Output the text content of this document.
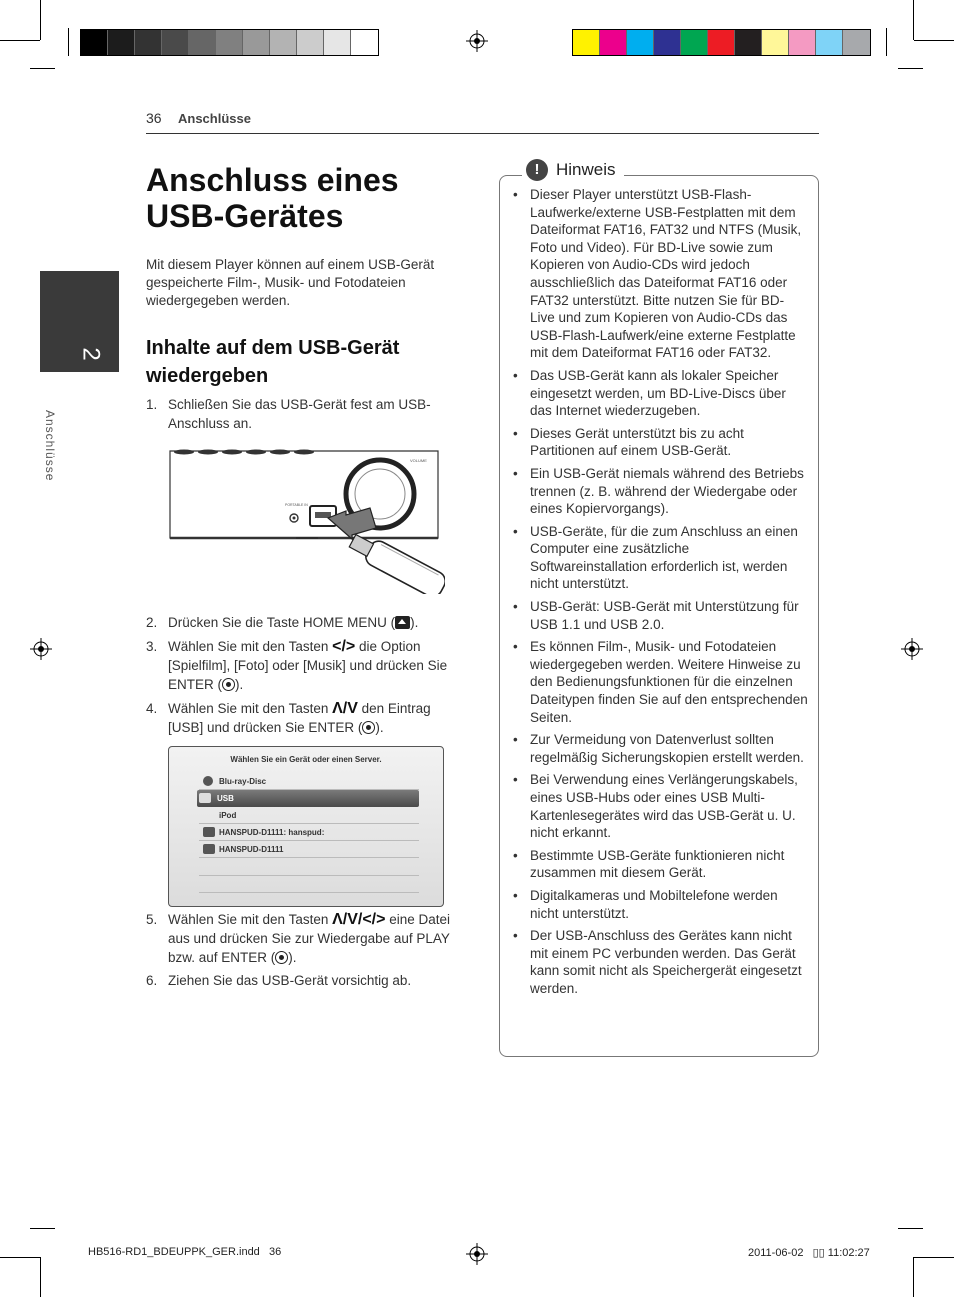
36 Anschlüsse
2
Anschlüsse
Anschluss eines USB-Gerätes

Mit diesem Player können auf einem USB-Gerät gespeicherte Film-, Musik- und Fotodateien wiedergegeben werden.

Inhalte auf dem USB-Gerät wiedergeben
1. Schließen Sie das USB-Gerät fest am USB-Anschluss an.
VOLUME
PORTABLE IN
2. Drücken Sie die Taste HOME MENU ( ).
3. Wählen Sie mit den Tasten </> die Option [Spielfilm], [Foto] oder [Musik] und drücken Sie ENTER ( ).
4. Wählen Sie mit den Tasten Λ/V den Eintrag [USB] und drücken Sie ENTER ( ).
Wählen Sie ein Gerät oder einen Server.
Blu-ray-Disc
USB
iPod
HANSPUD-D1111: hanspud:
HANSPUD-D1111
5. Wählen Sie mit den Tasten Λ/V/</> eine Datei aus und drücken Sie zur Wiedergabe auf PLAY bzw. auf ENTER ( ).
6. Ziehen Sie das USB-Gerät vorsichtig ab.
! Hinweis
• Dieser Player unterstützt USB-Flash-Laufwerke/externe USB-Festplatten mit dem Dateiformat FAT16, FAT32 und NTFS (Musik, Foto und Video). Für BD-Live sowie zum Kopieren von Audio-CDs wird jedoch ausschließlich das Dateiformat FAT16 oder FAT32 unterstützt. Bitte nutzen Sie für BD-Live und zum Kopieren von Audio-CDs das USB-Flash-Laufwerk/eine externe Festplatte mit dem Dateiformat FAT16 oder FAT32.
• Das USB-Gerät kann als lokaler Speicher eingesetzt werden, um BD-Live-Discs über das Internet wiederzugeben.
• Dieses Gerät unterstützt bis zu acht Partitionen auf einem USB-Gerät.
• Ein USB-Gerät niemals während des Betriebs trennen (z. B. während der Wiedergabe oder eines Kopiervorgangs).
• USB-Geräte, für die zum Anschluss an einen Computer eine zusätzliche Softwareinstallation erforderlich ist, werden nicht unterstützt.
• USB-Gerät: USB-Gerät mit Unterstützung für USB 1.1 und USB 2.0.
• Es können Film-, Musik- und Fotodateien wiedergegeben werden. Weitere Hinweise zu den Bedienungsfunktionen für die einzelnen Dateitypen finden Sie auf den entsprechenden Seiten.
• Zur Vermeidung von Datenverlust sollten regelmäßig Sicherungskopien erstellt werden.
• Bei Verwendung eines Verlängerungskabels, eines USB-Hubs oder eines USB Multi-Kartenlesegerätes wird das USB-Gerät u. U. nicht erkannt.
• Bestimmte USB-Geräte funktionieren nicht zusammen mit diesem Gerät.
• Digitalkameras und Mobiltelefone werden nicht unterstützt.
• Der USB-Anschluss des Gerätes kann nicht mit einem PC verbunden werden. Das Gerät kann somit nicht als Speichergerät eingesetzt werden.
HB516-RD1_BDEUPPK_GER.indd   36	2011-06-02   ▯▯ 11:02:27
